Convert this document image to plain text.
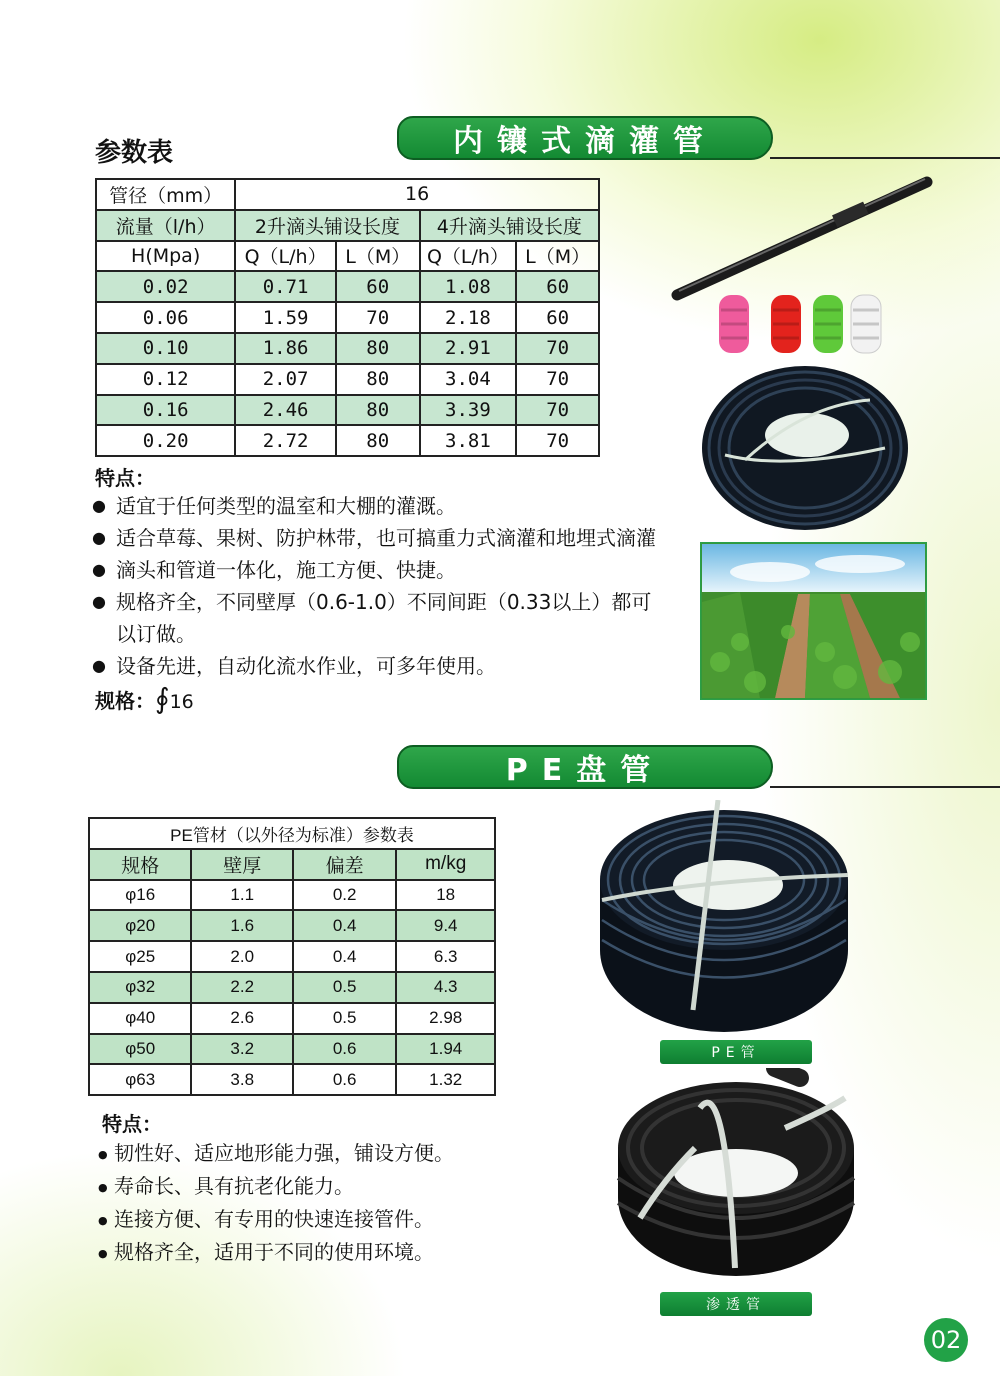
内镶式滴灌管
参数表
管径（mm）	16			
流量（l/h）	2升滴头铺设长度		4升滴头铺设长度	
H(Mpa)	Q（L/h）	L（M）	Q（L/h）	L（M）
0.02	0.71	60	1.08	60
0.06	1.59	70	2.18	60
0.10	1.86	80	2.91	70
0.12	2.07	80	3.04	70
0.16	2.46	80	3.39	70
0.20	2.72	80	3.81	70
特点：
● 适宜于任何类型的温室和大棚的灌溉。
● 适合草莓、果树、防护林带，也可搞重力式滴灌和地埋式滴灌
● 滴头和管道一体化，施工方便、快捷。
● 规格齐全，不同壁厚（0.6-1.0）不同间距（0.33以上）都可
以订做。
● 设备先进，自动化流水作业，可多年使用。
规格：∮16
PE盘管
PE管材（以外径为标准）参数表			
规格	壁厚	偏差	m/kg
φ16	1.1	0.2	18
φ20	1.6	0.4	9.4
φ25	2.0	0.4	6.3
φ32	2.2	0.5	4.3
φ40	2.6	0.5	2.98
φ50	3.2	0.6	1.94
φ63	3.8	0.6	1.32
特点：
● 韧性好、适应地形能力强，铺设方便。
● 寿命长、具有抗老化能力。
● 连接方便、有专用的快速连接管件。
● 规格齐全，适用于不同的使用环境。
PE管
渗透管
02
